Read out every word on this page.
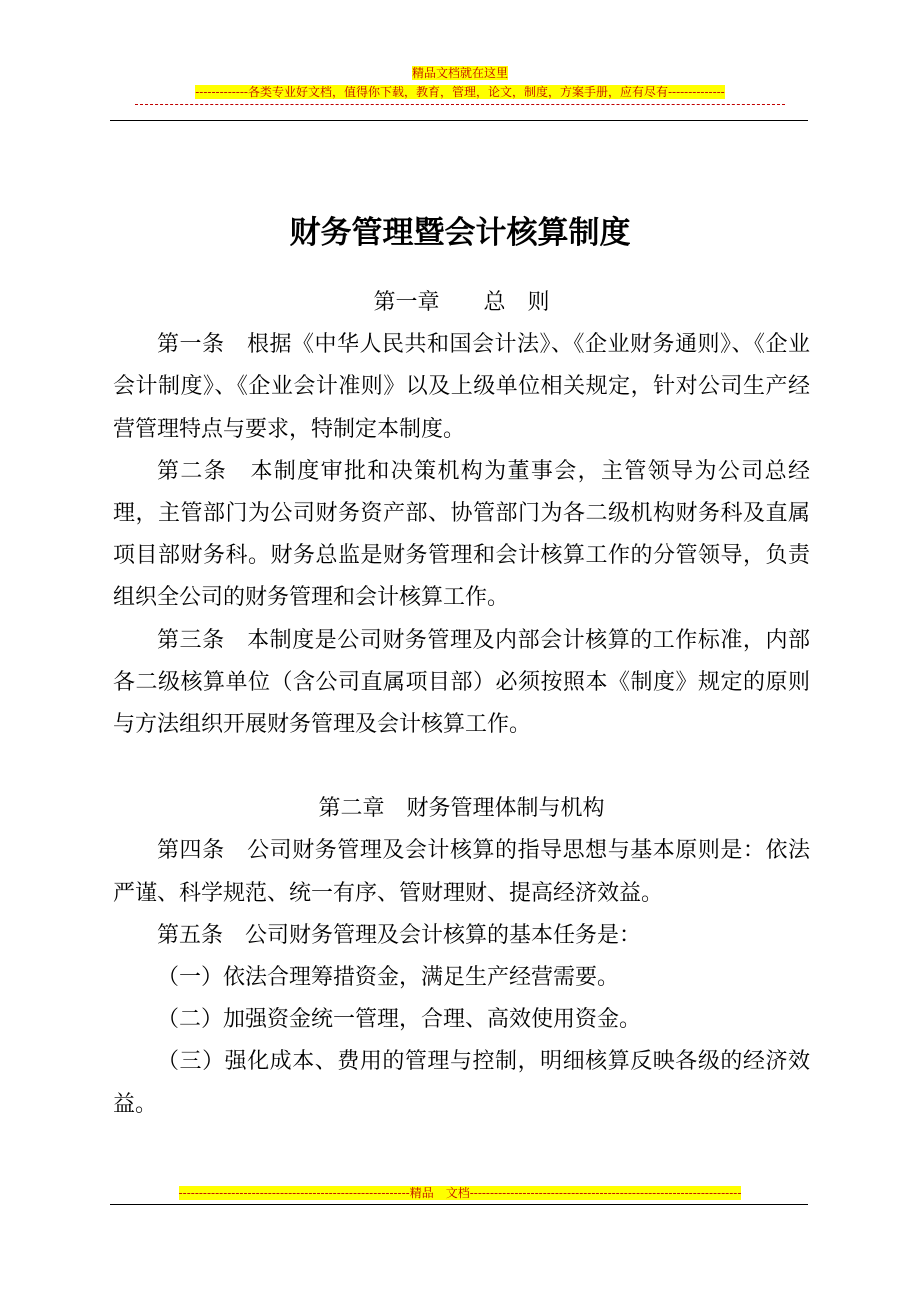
精品文档就在这里
-------------各类专业好文档，值得你下载，教育，管理，论文，制度，方案手册，应有尽有--------------
财务管理暨会计核算制度

第一章　　总　则

第一条　根据《中华人民共和国会计法》、《企业财务通则》、《企业会计制度》、《企业会计准则》以及上级单位相关规定，针对公司生产经营管理特点与要求，特制定本制度。

第二条　本制度审批和决策机构为董事会，主管领导为公司总经理，主管部门为公司财务资产部、协管部门为各二级机构财务科及直属项目部财务科。财务总监是财务管理和会计核算工作的分管领导，负责组织全公司的财务管理和会计核算工作。

第三条　本制度是公司财务管理及内部会计核算的工作标准，内部各二级核算单位（含公司直属项目部）必须按照本《制度》规定的原则与方法组织开展财务管理及会计核算工作。

第二章　财务管理体制与机构

第四条　公司财务管理及会计核算的指导思想与基本原则是：依法严谨、科学规范、统一有序、管财理财、提高经济效益。

第五条　公司财务管理及会计核算的基本任务是：

（一）依法合理筹措资金，满足生产经营需要。

（二）加强资金统一管理，合理、高效使用资金。

（三）强化成本、费用的管理与控制，明细核算反映各级的经济效益。

---------------------------------------------------------精品　文档-------------------------------------------------------------------
